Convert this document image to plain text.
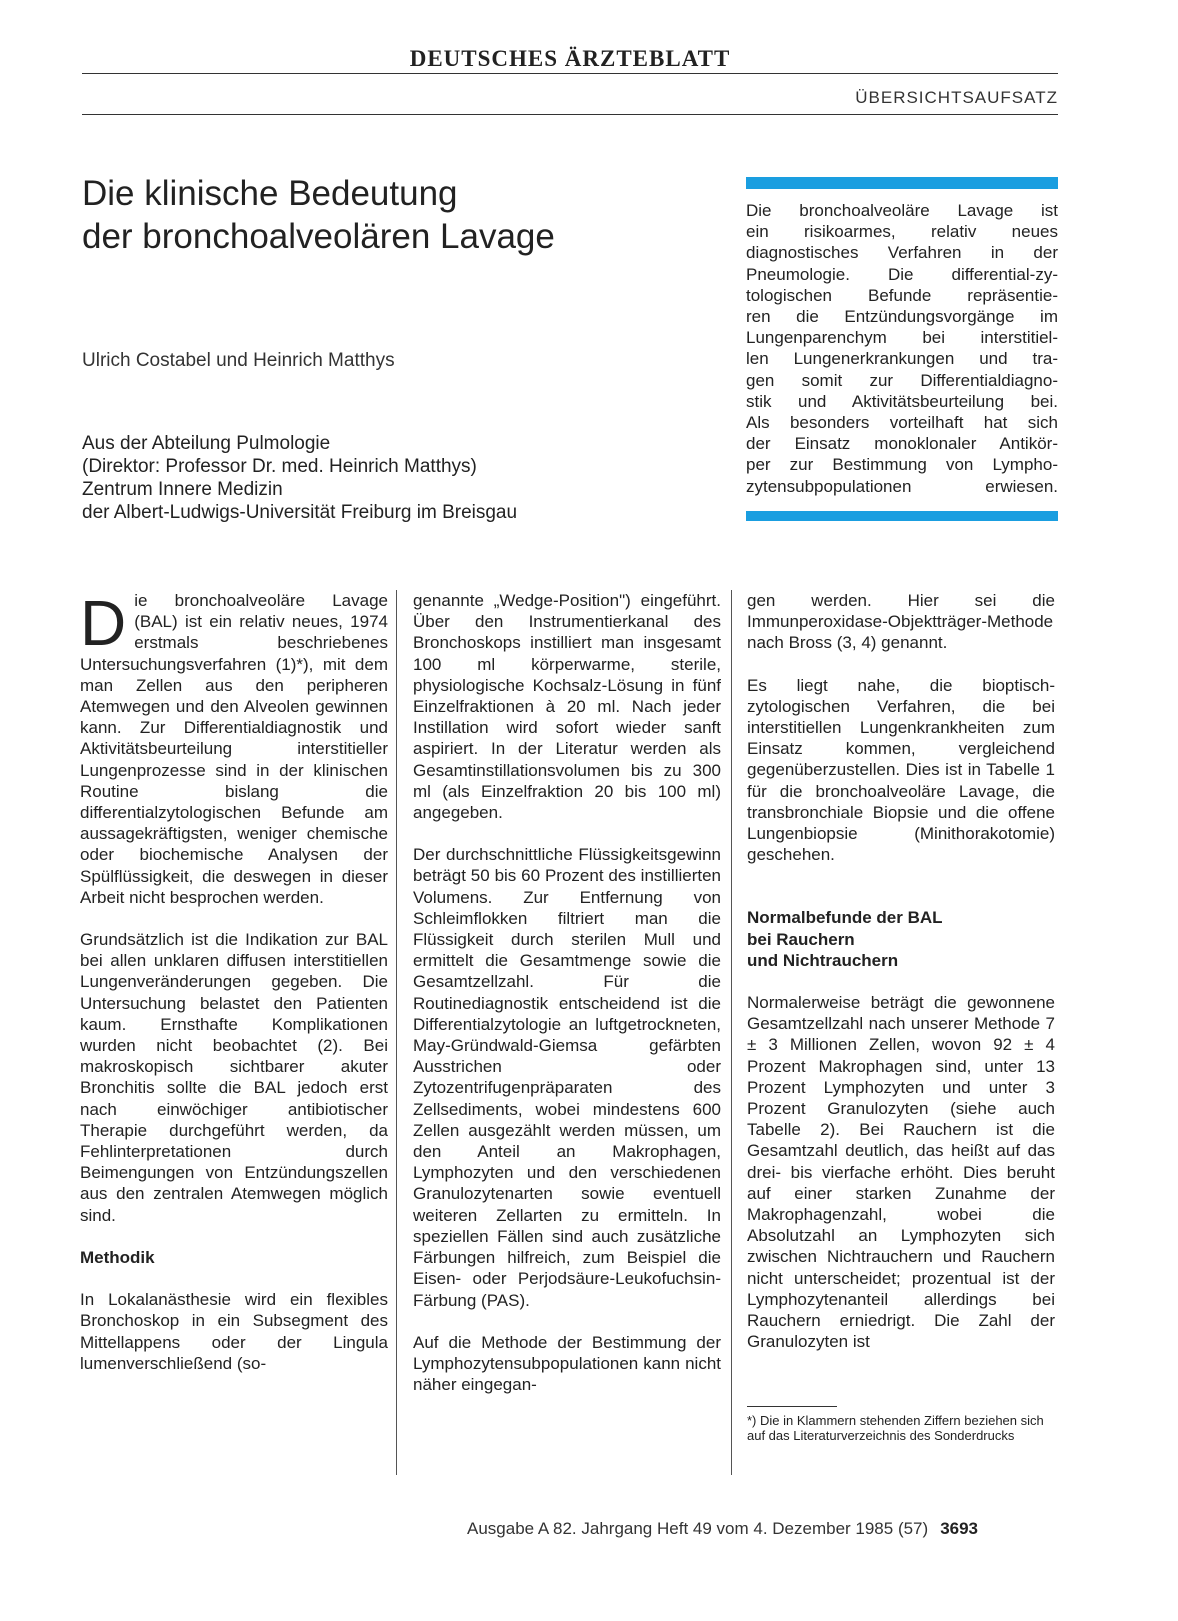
DEUTSCHES ÄRZTEBLATT
ÜBERSICHTSAUFSATZ
Die klinische Bedeutung
der bronchoalveolären Lavage
Ulrich Costabel und Heinrich Matthys
Aus der Abteilung Pulmologie
(Direktor: Professor Dr. med. Heinrich Matthys)
Zentrum Innere Medizin
der Albert-Ludwigs-Universität Freiburg im Breisgau
Die bronchoalveoläre Lavage ist
ein risikoarmes, relativ neues
diagnostisches Verfahren in der
Pneumologie. Die differential-zy-
tologischen Befunde repräsentie-
ren die Entzündungsvorgänge im
Lungenparenchym bei interstitiel-
len Lungenerkrankungen und tra-
gen somit zur Differentialdiagno-
stik und Aktivitätsbeurteilung bei.
Als besonders vorteilhaft hat sich
der Einsatz monoklonaler Antikör-
per zur Bestimmung von Lympho-
zytensubpopulationen erwiesen.

Die bronchoalveoläre Lavage (BAL) ist ein relativ neues, 1974 erstmals beschriebenes Untersuchungsverfahren (1)*), mit dem man Zellen aus den peripheren Atemwegen und den Alveolen gewinnen kann. Zur Differentialdiagnostik und Aktivitätsbeurteilung interstitieller Lungenprozesse sind in der klinischen Routine bislang die differentialzytologischen Befunde am aussagekräftigsten, weniger chemische oder biochemische Analysen der Spülflüssigkeit, die deswegen in dieser Arbeit nicht besprochen werden.

Grundsätzlich ist die Indikation zur BAL bei allen unklaren diffusen interstitiellen Lungenveränderungen gegeben. Die Untersuchung belastet den Patienten kaum. Ernsthafte Komplikationen wurden nicht beobachtet (2). Bei makroskopisch sichtbarer akuter Bronchitis sollte die BAL jedoch erst nach einwöchiger antibiotischer Therapie durchgeführt werden, da Fehlinterpretationen durch Beimengungen von Entzündungszellen aus den zentralen Atemwegen möglich sind.

Methodik

In Lokalanästhesie wird ein flexibles Bronchoskop in ein Subsegment des Mittellappens oder der Lingula lumenverschließend (so-

genannte „Wedge-Position") eingeführt. Über den Instrumentierkanal des Bronchoskops instilliert man insgesamt 100 ml körperwarme, sterile, physiologische Kochsalz-Lösung in fünf Einzelfraktionen à 20 ml. Nach jeder Instillation wird sofort wieder sanft aspiriert. In der Literatur werden als Gesamtinstillationsvolumen bis zu 300 ml (als Einzelfraktion 20 bis 100 ml) angegeben.

Der durchschnittliche Flüssigkeitsgewinn beträgt 50 bis 60 Prozent des instillierten Volumens. Zur Entfernung von Schleimflokken filtriert man die Flüssigkeit durch sterilen Mull und ermittelt die Gesamtmenge sowie die Gesamtzellzahl. Für die Routinediagnostik entscheidend ist die Differentialzytologie an luftgetrockneten, May-Gründwald-Giemsa gefärbten Ausstrichen oder Zytozentrifugenpräparaten des Zellsediments, wobei mindestens 600 Zellen ausgezählt werden müssen, um den Anteil an Makrophagen, Lymphozyten und den verschiedenen Granulozytenarten sowie eventuell weiteren Zellarten zu ermitteln. In speziellen Fällen sind auch zusätzliche Färbungen hilfreich, zum Beispiel die Eisen- oder Perjodsäure-Leukofuchsin-Färbung (PAS).

Auf die Methode der Bestimmung der Lymphozytensubpopulationen kann nicht näher eingegan-

gen werden. Hier sei die Immunperoxidase-Objektträger-Methode nach Bross (3, 4) genannt.

Es liegt nahe, die bioptisch-zytologischen Verfahren, die bei interstitiellen Lungenkrankheiten zum Einsatz kommen, vergleichend gegenüberzustellen. Dies ist in Tabelle 1 für die bronchoalveoläre Lavage, die transbronchiale Biopsie und die offene Lungenbiopsie (Minithorakotomie) geschehen.

Normalbefunde der BAL
bei Rauchern
und Nichtrauchern

Normalerweise beträgt die gewonnene Gesamtzellzahl nach unserer Methode 7 ± 3 Millionen Zellen, wovon 92 ± 4 Prozent Makrophagen sind, unter 13 Prozent Lymphozyten und unter 3 Prozent Granulozyten (siehe auch Tabelle 2). Bei Rauchern ist die Gesamtzahl deutlich, das heißt auf das drei- bis vierfache erhöht. Dies beruht auf einer starken Zunahme der Makrophagenzahl, wobei die Absolutzahl an Lymphozyten sich zwischen Nichtrauchern und Rauchern nicht unterscheidet; prozentual ist der Lymphozytenanteil allerdings bei Rauchern erniedrigt. Die Zahl der Granulozyten ist

*) Die in Klammern stehenden Ziffern beziehen sich auf das Literaturverzeichnis des Sonderdrucks
Ausgabe A 82. Jahrgang Heft 49 vom 4. Dezember 1985 (57) 3693
